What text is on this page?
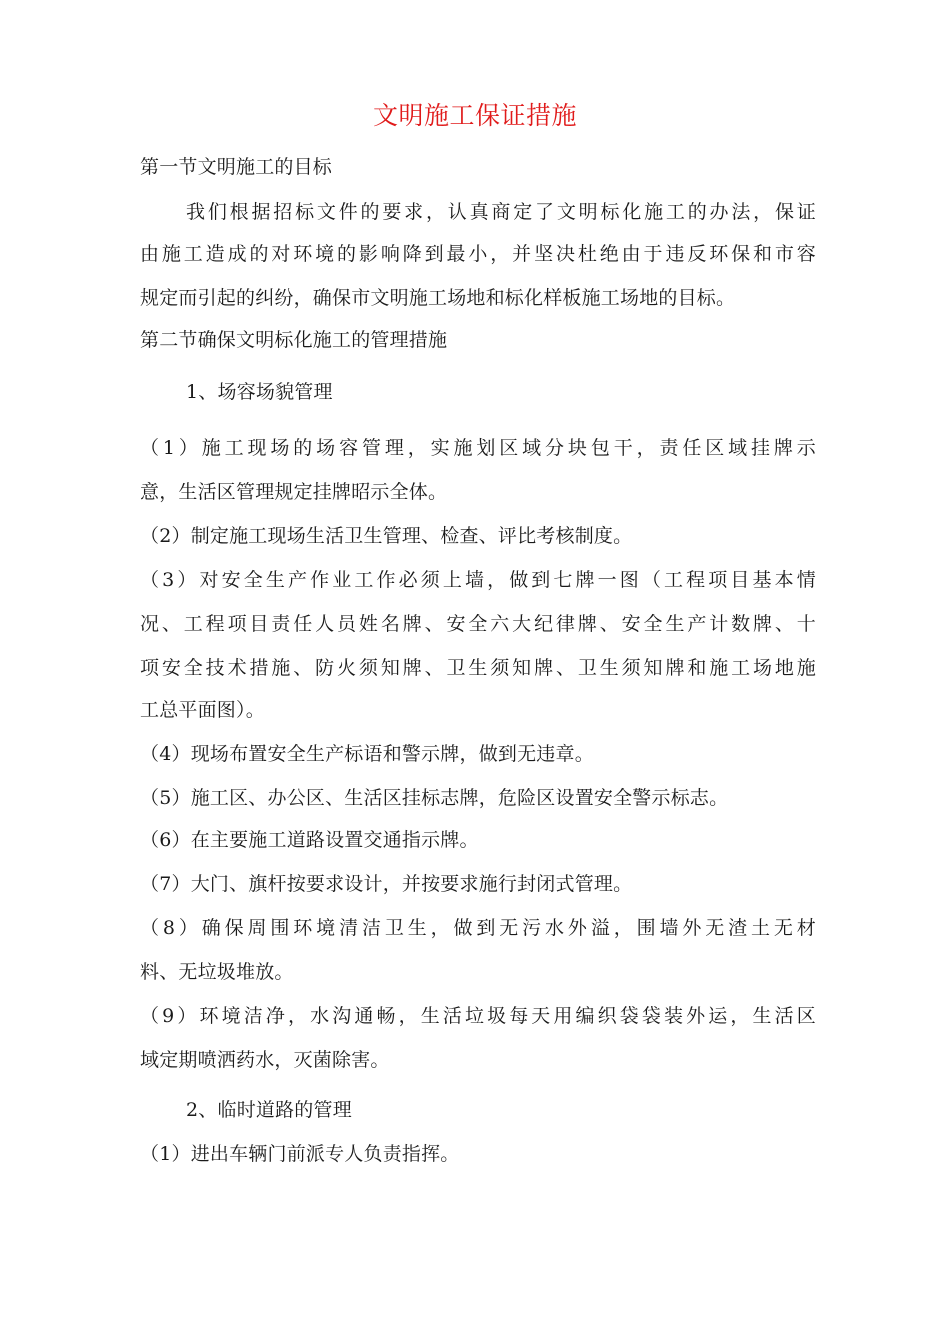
文明施工保证措施
第一节文明施工的目标
我们根据招标文件的要求，认真商定了文明标化施工的办法，保证
由施工造成的对环境的影响降到最小，并坚决杜绝由于违反环保和市容
规定而引起的纠纷，确保市文明施工场地和标化样板施工场地的目标。
第二节确保文明标化施工的管理措施
1、场容场貌管理
（1）施工现场的场容管理，实施划区域分块包干，责任区域挂牌示
意，生活区管理规定挂牌昭示全体。
（2）制定施工现场生活卫生管理、检查、评比考核制度。
（3）对安全生产作业工作必须上墙，做到七牌一图（工程项目基本情
况、工程项目责任人员姓名牌、安全六大纪律牌、安全生产计数牌、十
项安全技术措施、防火须知牌、卫生须知牌、卫生须知牌和施工场地施
工总平面图）。
（4）现场布置安全生产标语和警示牌，做到无违章。
（5）施工区、办公区、生活区挂标志牌，危险区设置安全警示标志。
（6）在主要施工道路设置交通指示牌。
（7）大门、旗杆按要求设计，并按要求施行封闭式管理。
（8）确保周围环境清洁卫生，做到无污水外溢，围墙外无渣土无材
料、无垃圾堆放。
（9）环境洁净，水沟通畅，生活垃圾每天用编织袋袋装外运，生活区
域定期喷洒药水，灭菌除害。
2、临时道路的管理
（1）进出车辆门前派专人负责指挥。
